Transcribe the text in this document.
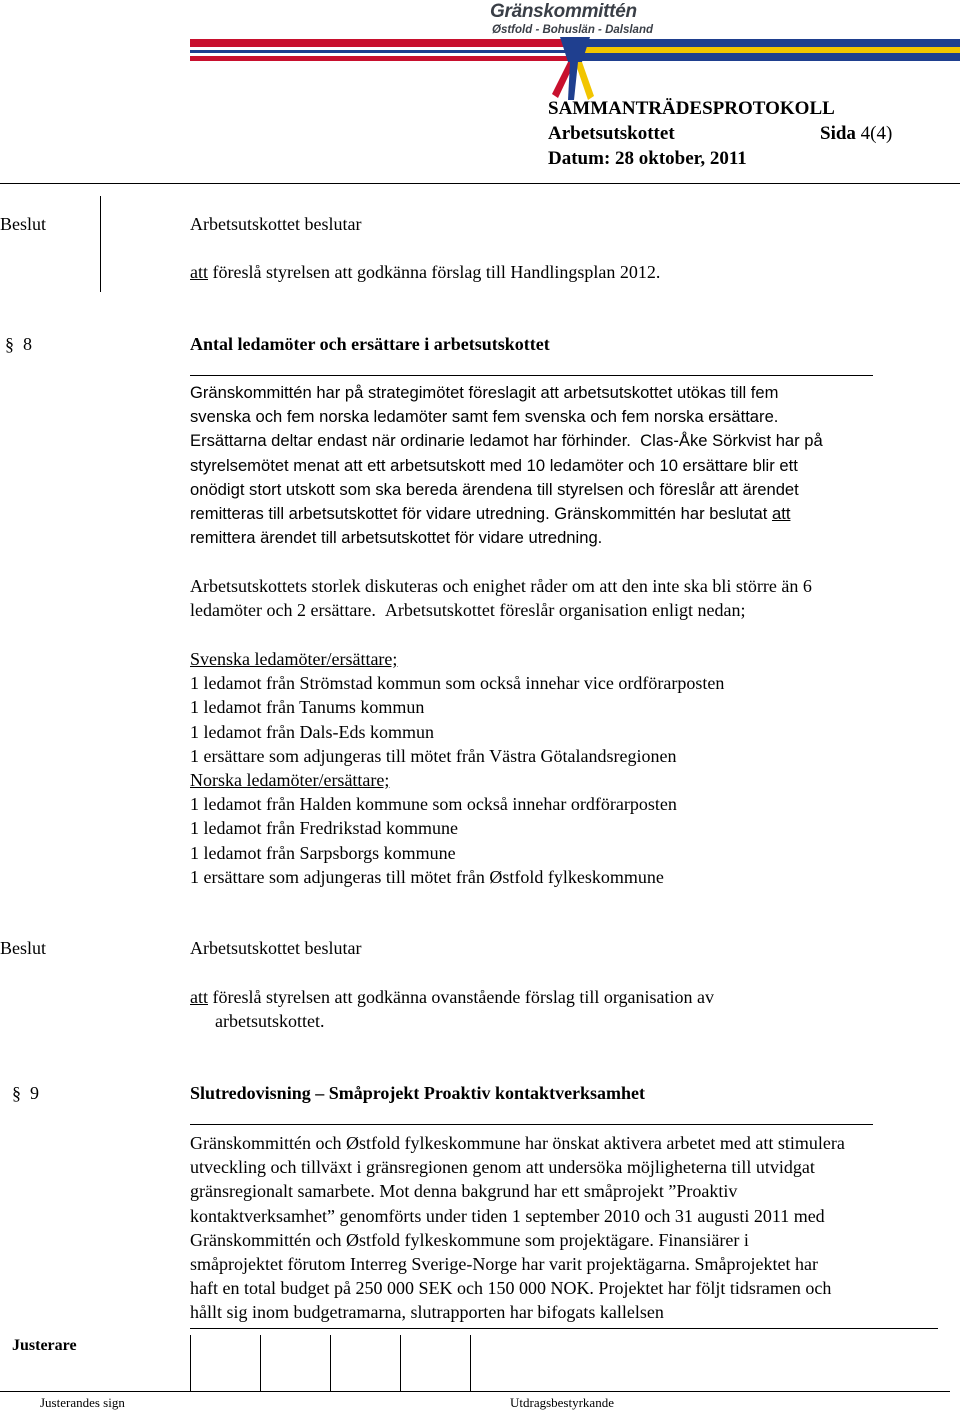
Gränskommittén
Østfold - Bohuslän - Dalsland
SAMMANTRÄDESPROTOKOLL
Arbetsutskottet	Sida 4(4)
Datum: 28 oktober, 2011
Beslut	Arbetsutskottet beslutar
att föreslå styrelsen att godkänna förslag till Handlingsplan 2012.
§ 8	Antal ledamöter och ersättare i arbetsutskottet
Gränskommittén har på strategimötet föreslagit att arbetsutskottet utökas till fem
svenska och fem norska ledamöter samt fem svenska och fem norska ersättare.
Ersättarna deltar endast när ordinarie ledamot har förhinder. Clas-Åke Sörkvist har på
styrelsemötet menat att ett arbetsutskott med 10 ledamöter och 10 ersättare blir ett
onödigt stort utskott som ska bereda ärendena till styrelsen och föreslår att ärendet
remitteras till arbetsutskottet för vidare utredning. Gränskommittén har beslutat att
remittera ärendet till arbetsutskottet för vidare utredning.
Arbetsutskottets storlek diskuteras och enighet råder om att den inte ska bli större än 6
ledamöter och 2 ersättare. Arbetsutskottet föreslår organisation enligt nedan;
Svenska ledamöter/ersättare;
1 ledamot från Strömstad kommun som också innehar vice ordförarposten
1 ledamot från Tanums kommun
1 ledamot från Dals-Eds kommun
1 ersättare som adjungeras till mötet från Västra Götalandsregionen
Norska ledamöter/ersättare;
1 ledamot från Halden kommune som också innehar ordförarposten
1 ledamot från Fredrikstad kommune
1 ledamot från Sarpsborgs kommune
1 ersättare som adjungeras till mötet från Østfold fylkeskommune
Beslut	Arbetsutskottet beslutar
att föreslå styrelsen att godkänna ovanstående förslag till organisation av
arbetsutskottet.
§ 9	Slutredovisning – Småprojekt Proaktiv kontaktverksamhet
Gränskommittén och Østfold fylkeskommune har önskat aktivera arbetet med att stimulera
utveckling och tillväxt i gränsregionen genom att undersöka möjligheterna till utvidgat
gränsregionalt samarbete. Mot denna bakgrund har ett småprojekt ”Proaktiv
kontaktverksamhet” genomförts under tiden 1 september 2010 och 31 augusti 2011 med
Gränskommittén och Østfold fylkeskommune som projektägare. Finansiärer i
småprojektet förutom Interreg Sverige-Norge har varit projektägarna. Småprojektet har
haft en total budget på 250 000 SEK och 150 000 NOK. Projektet har följt tidsramen och
hållt sig inom budgetramarna, slutrapporten har bifogats kallelsen
Justerare
Justerandes sign	Utdragsbestyrkande
